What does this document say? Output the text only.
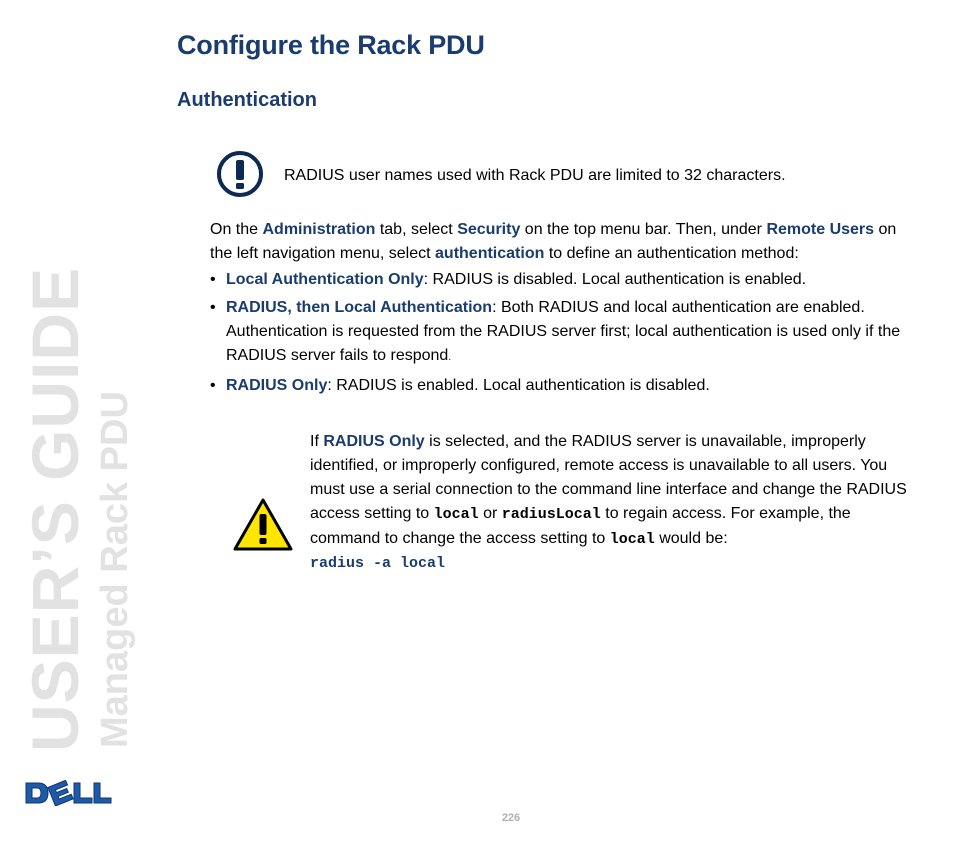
USER’S GUIDE Managed Rack PDU
Configure the Rack PDU
Authentication

RADIUS user names used with Rack PDU are limited to 32 characters.

On the Administration tab, select Security on the top menu bar. Then, under Remote Users on the left navigation menu, select authentication to define an authentication method:

• Local Authentication Only: RADIUS is disabled. Local authentication is enabled.
• RADIUS, then Local Authentication: Both RADIUS and local authentication are enabled. Authentication is requested from the RADIUS server first; local authentication is used only if the RADIUS server fails to respond.
• RADIUS Only: RADIUS is enabled. Local authentication is disabled.

If RADIUS Only is selected, and the RADIUS server is unavailable, improperly identified, or improperly configured, remote access is unavailable to all users. You must use a serial connection to the command line interface and change the RADIUS access setting to local or radiusLocal to regain access. For example, the command to change the access setting to local would be:

radius -a local
226
